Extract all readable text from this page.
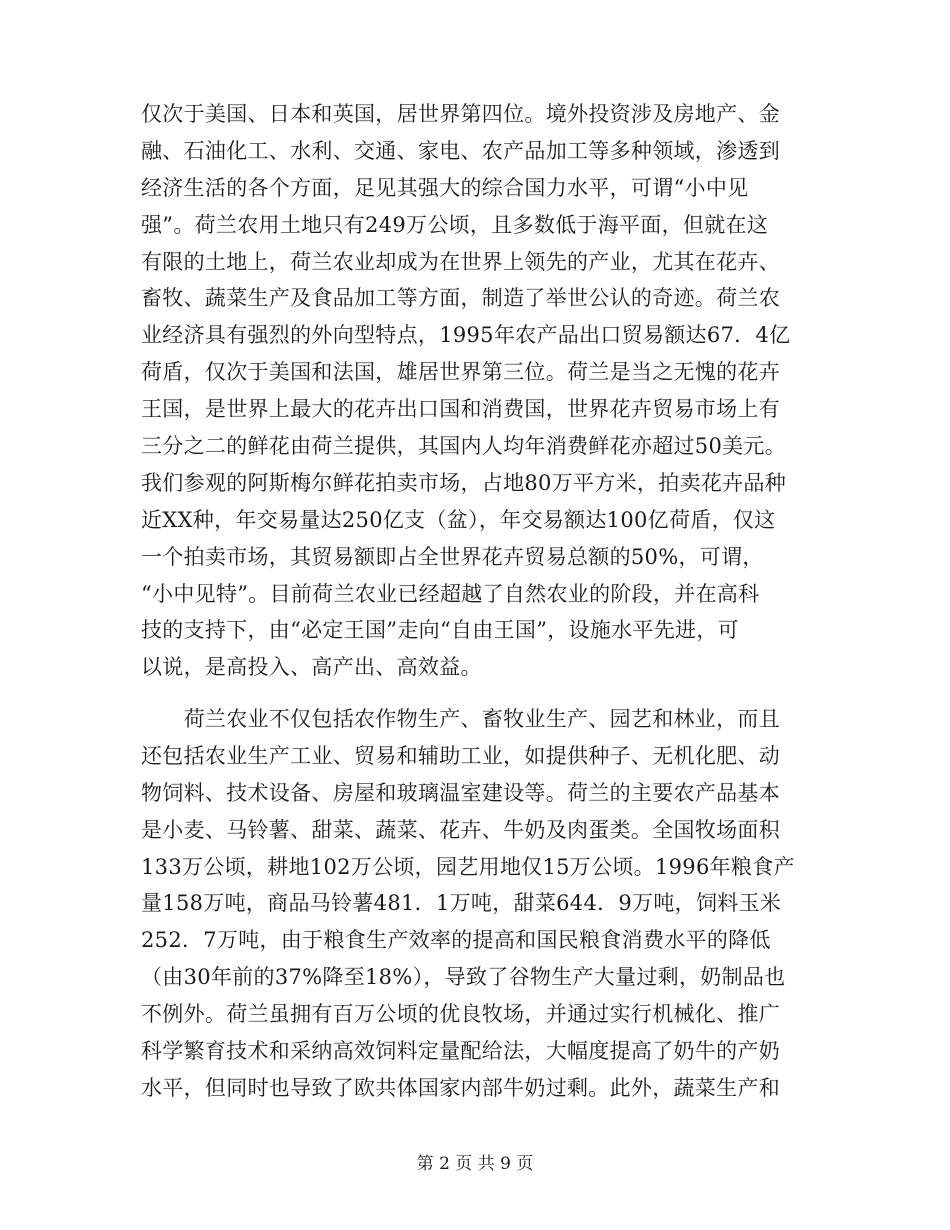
仅次于美国、日本和英国，居世界第四位。境外投资涉及房地产、金
融、石油化工、水利、交通、家电、农产品加工等多种领域，渗透到
经济生活的各个方面，足见其强大的综合国力水平，可谓“小中见
强”。荷兰农用土地只有249万公顷，且多数低于海平面，但就在这
有限的土地上，荷兰农业却成为在世界上领先的产业，尤其在花卉、
畜牧、蔬菜生产及食品加工等方面，制造了举世公认的奇迹。荷兰农
业经济具有强烈的外向型特点，1995年农产品出口贸易额达67．4亿
荷盾，仅次于美国和法国，雄居世界第三位。荷兰是当之无愧的花卉
王国，是世界上最大的花卉出口国和消费国，世界花卉贸易市场上有
三分之二的鲜花由荷兰提供，其国内人均年消费鲜花亦超过50美元。
我们参观的阿斯梅尔鲜花拍卖市场，占地80万平方米，拍卖花卉品种
近XX种，年交易量达250亿支（盆），年交易额达100亿荷盾，仅这
一个拍卖市场，其贸易额即占全世界花卉贸易总额的50%，可谓，
“小中见特”。目前荷兰农业已经超越了自然农业的阶段，并在高科
技的支持下，由“必定王国”走向“自由王国”，设施水平先进，可
以说，是高投入、高产出、高效益。
　　荷兰农业不仅包括农作物生产、畜牧业生产、园艺和林业，而且
还包括农业生产工业、贸易和辅助工业，如提供种子、无机化肥、动
物饲料、技术设备、房屋和玻璃温室建设等。荷兰的主要农产品基本
是小麦、马铃薯、甜菜、蔬菜、花卉、牛奶及肉蛋类。全国牧场面积
133万公顷，耕地102万公顷，园艺用地仅15万公顷。1996年粮食产
量158万吨，商品马铃薯481．1万吨，甜菜644．9万吨，饲料玉米
252．7万吨，由于粮食生产效率的提高和国民粮食消费水平的降低
（由30年前的37%降至18%），导致了谷物生产大量过剩，奶制品也
不例外。荷兰虽拥有百万公顷的优良牧场，并通过实行机械化、推广
科学繁育技术和采纳高效饲料定量配给法，大幅度提高了奶牛的产奶
水平，但同时也导致了欧共体国家内部牛奶过剩。此外，蔬菜生产和
第 2 页 共 9 页
